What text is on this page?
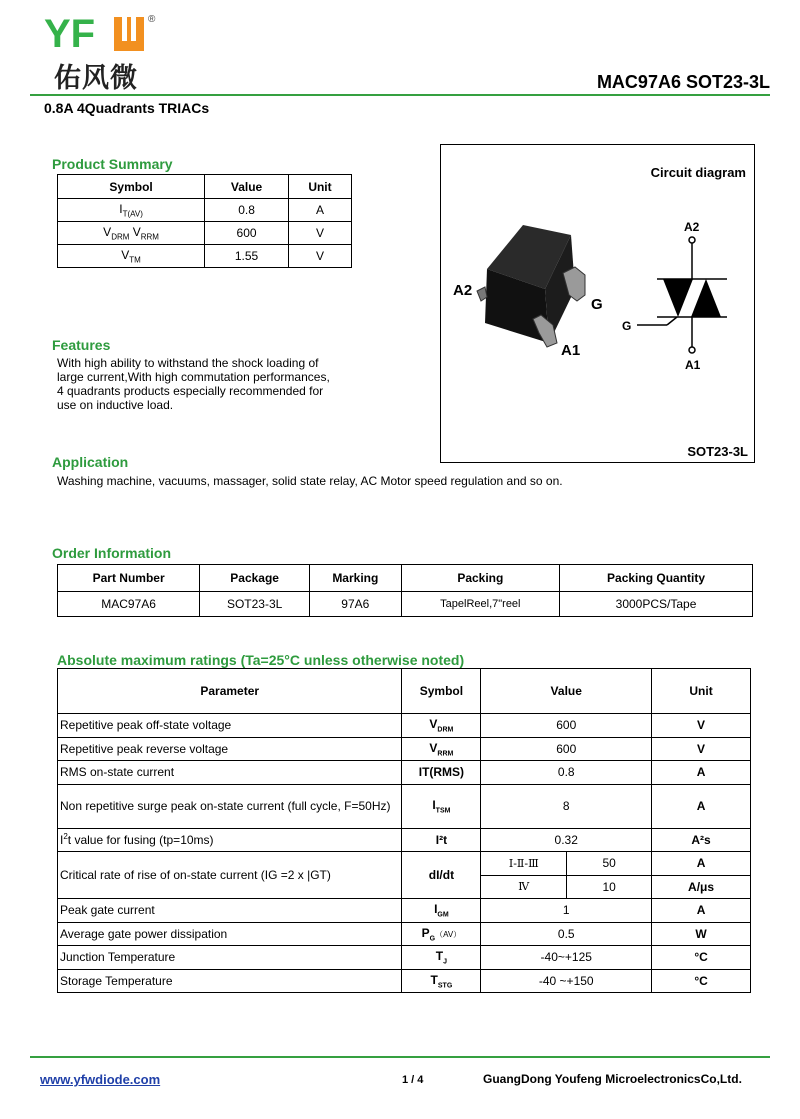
YF	®
佑风微	MAC97A6 SOT23-3L
0.8A 4Quadrants TRIACs
Product Summary
Symbol	Value	Unit
$I_{T(AV)}$	0.8	A
$V_{DRM}$ $V_{RRM}$	600	V
$V_{TM}$	1.55	V
Features
With high ability to withstand the shock loading of
large current,With high commutation performances,
4 quadrants products especially recommended for
use on inductive load.
Circuit diagram
A2
G
A1
A2
G
A1
SOT23-3L
Application
Washing machine, vacuums, massager, solid state relay, AC Motor speed regulation and so on.
Order Information
Part Number	Package	Marking	Packing	Packing Quantity
MAC97A6	SOT23-3L	97A6	TapelReel,7"reel	3000PCS/Tape
Absolute maximum ratings (Ta=25°C unless otherwise noted)
Parameter	Symbol	Value		Unit
Repetitive peak off-state voltage	$V_{DRM}$	600		V
Repetitive peak reverse voltage	$V_{RRM}$	600		V
RMS on-state current	IT(RMS)	0.8		A
Non repetitive surge peak on-state current (full cycle, F=50Hz)	$I_{TSM}$	8		A
$I^2t$ value for fusing (tp=10ms)	I²t	0.32		A²s
Critical rate of rise of on-state current (IG =2 x |GT)	dI/dt	Ⅰ-Ⅱ-Ⅲ	50	A
		Ⅳ	10	A/μs
Peak gate current	$I_{GM}$	1		A
Average gate power dissipation	$P_G(AV)$	0.5		W
Junction Temperature	$T_J$	-40~+125		°C
Storage Temperature	$T_{STG}$	-40 ~+150		°C
www.yfwdiode.com	1 / 4	GuangDong Youfeng MicroelectronicsCo,Ltd.
